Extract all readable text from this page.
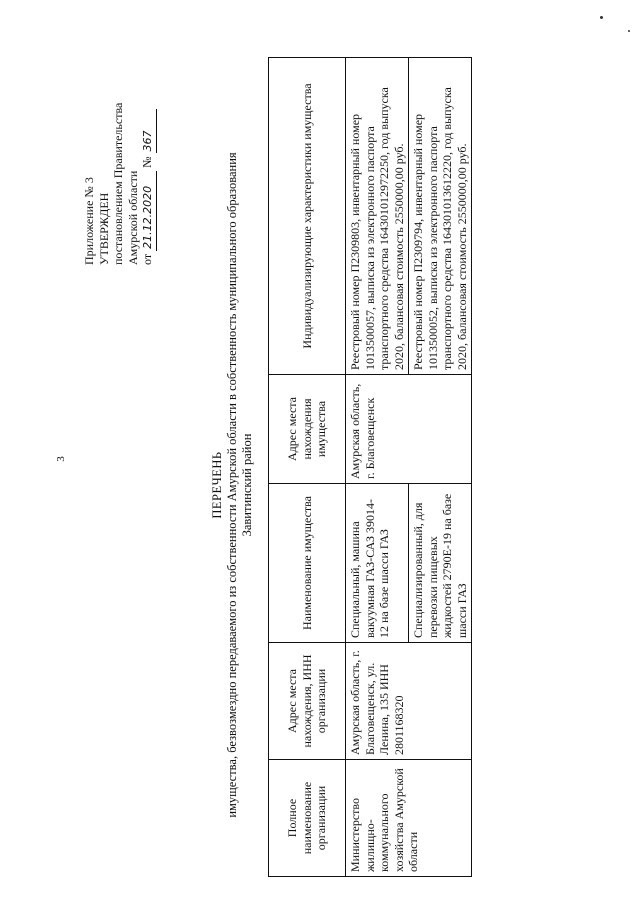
3
Приложение № 3 УТВЕРЖДЕН постановлением Правительства Амурской области от 21.12.2020 № 367
ПЕРЕЧЕНЬ имущества, безвозмездно передаваемого из собственности Амурской области в собственность муниципального образования Завитинский район
Полное наименование организации	Адрес места нахождения, ИНН организации	Наименование имущества	Адрес места нахождения имущества	Индивидуализирующие характеристики имущества
Министерство жилищно-коммунального хозяйства Амурской области	Амурская область, г. Благовещенск, ул. Ленина, 135 ИНН 2801168320	Специальный, машина вакуумная ГАЗ-САЗ 39014-12 на базе шасси ГАЗ	Амурская область, г. Благовещенск	Реестровый номер П2309803, инвентарный номер 1013500057, выписка из электронного паспорта транспортного средства 164301012972250, год выпуска 2020, балансовая стоимость 2550000,00 руб.
		Специализированный, для перевозки пищевых жидкостей 2790Е-19 на базе шасси ГАЗ		Реестровый номер П2309794, инвентарный номер 1013500052, выписка из электронного паспорта транспортного средства 164301013612220, год выпуска 2020, балансовая стоимость 2550000,00 руб.
